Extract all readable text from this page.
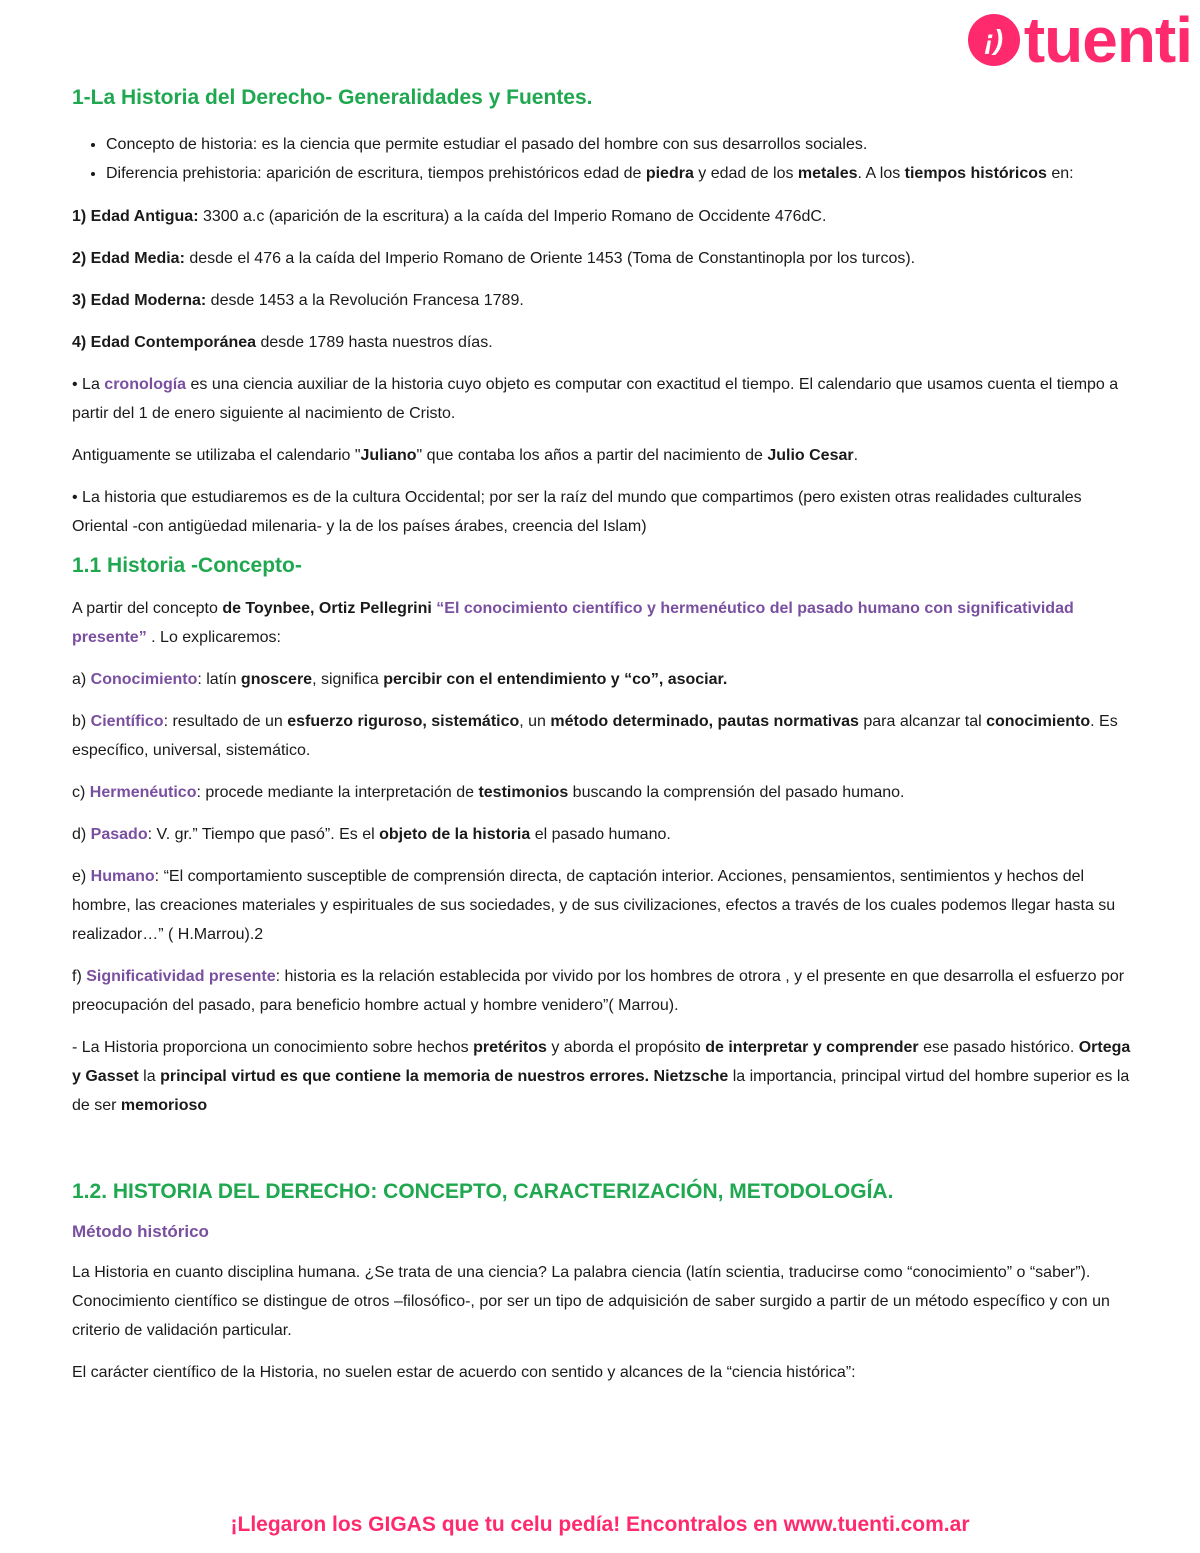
¡) tuenti
1-La Historia del Derecho- Generalidades y Fuentes.
• Concepto de historia: es la ciencia que permite estudiar el pasado del hombre con sus desarrollos sociales.
• Diferencia prehistoria: aparición de escritura, tiempos prehistóricos edad de piedra y edad de los metales. A los tiempos históricos en:

1) Edad Antigua: 3300 a.c (aparición de la escritura) a la caída del Imperio Romano de Occidente 476dC.

2) Edad Media: desde el 476 a la caída del Imperio Romano de Oriente 1453 (Toma de Constantinopla por los turcos).

3) Edad Moderna: desde 1453 a la Revolución Francesa 1789.

4) Edad Contemporánea desde 1789 hasta nuestros días.

• La cronología es una ciencia auxiliar de la historia cuyo objeto es computar con exactitud el tiempo. El calendario que usamos cuenta el tiempo a partir del 1 de enero siguiente al nacimiento de Cristo.

Antiguamente se utilizaba el calendario "Juliano" que contaba los años a partir del nacimiento de Julio Cesar.

• La historia que estudiaremos es de la cultura Occidental; por ser la raíz del mundo que compartimos (pero existen otras realidades culturales Oriental -con antigüedad milenaria- y la de los países árabes, creencia del Islam)

1.1 Historia -Concepto-

A partir del concepto de Toynbee, Ortiz Pellegrini “El conocimiento científico y hermenéutico del pasado humano con significatividad presente” . Lo explicaremos:

a) Conocimiento: latín gnoscere, significa percibir con el entendimiento y “co”, asociar.

b) Científico: resultado de un esfuerzo riguroso, sistemático, un método determinado, pautas normativas para alcanzar tal conocimiento. Es específico, universal, sistemático.

c) Hermenéutico: procede mediante la interpretación de testimonios buscando la comprensión del pasado humano.

d) Pasado: V. gr.” Tiempo que pasó”. Es el objeto de la historia el pasado humano.

e) Humano: “El comportamiento susceptible de comprensión directa, de captación interior. Acciones, pensamientos, sentimientos y hechos del hombre, las creaciones materiales y espirituales de sus sociedades, y de sus civilizaciones, efectos a través de los cuales podemos llegar hasta su realizador…” ( H.Marrou).2

f) Significatividad presente: historia es la relación establecida por vivido por los hombres de otrora , y el presente en que desarrolla el esfuerzo por preocupación del pasado, para beneficio hombre actual y hombre venidero”( Marrou).

- La Historia proporciona un conocimiento sobre hechos pretéritos y aborda el propósito de interpretar y comprender ese pasado histórico. Ortega y Gasset la principal virtud es que contiene la memoria de nuestros errores. Nietzsche la importancia, principal virtud del hombre superior es la de ser memorioso

1.2. HISTORIA DEL DERECHO: CONCEPTO, CARACTERIZACIÓN, METODOLOGÍA.
Método histórico

La Historia en cuanto disciplina humana. ¿Se trata de una ciencia? La palabra ciencia (latín scientia, traducirse como “conocimiento” o “saber”). Conocimiento científico se distingue de otros –filosófico-, por ser un tipo de adquisición de saber surgido a partir de un método específico y con un criterio de validación particular.

El carácter científico de la Historia, no suelen estar de acuerdo con sentido y alcances de la “ciencia histórica”:

¡Llegaron los GIGAS que tu celu pedía! Encontralos en www.tuenti.com.ar
